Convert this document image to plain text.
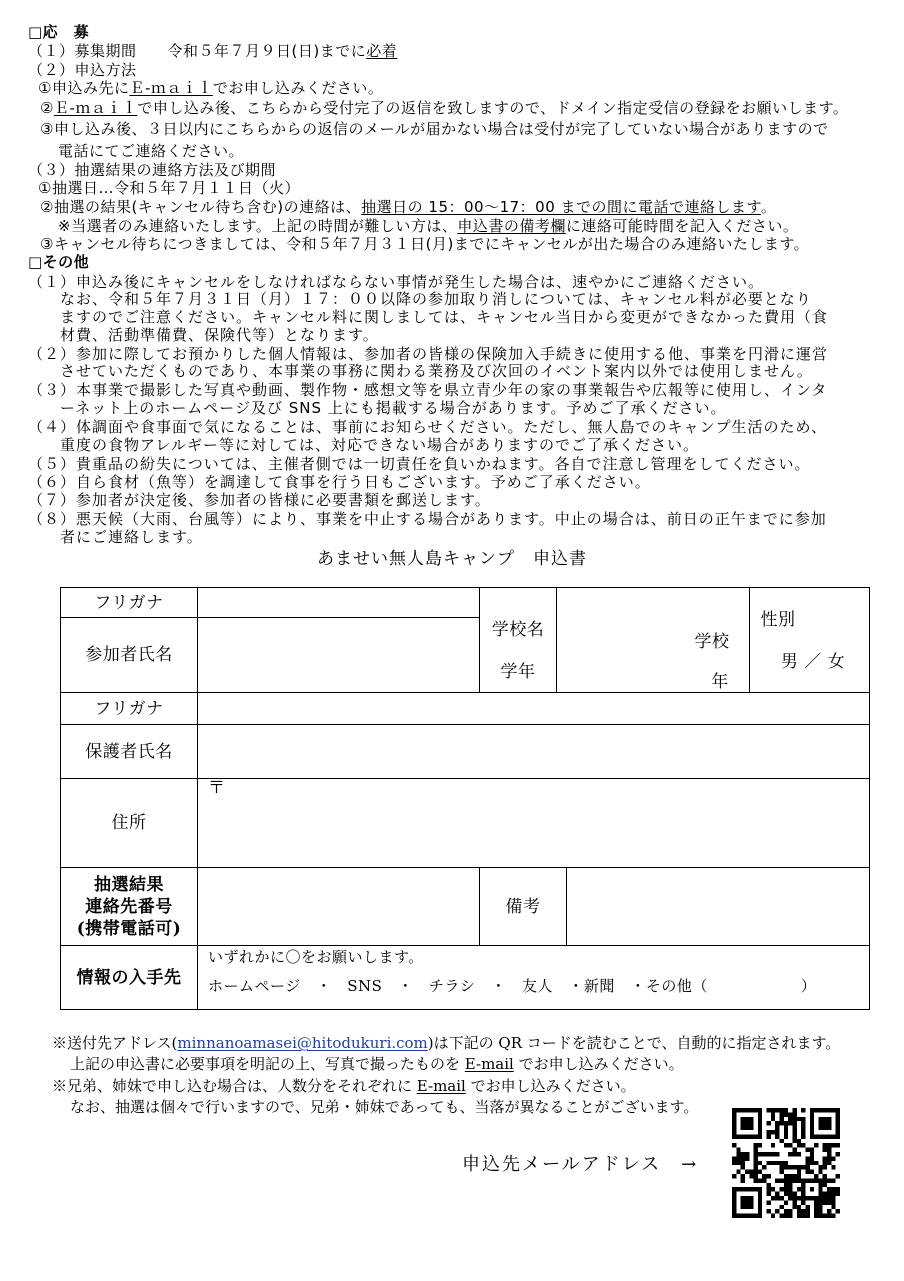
□応　募
（１）募集期間　　令和５年７月９日(日)までに必着
（２）申込方法
①申込み先にＥ-ｍａｉｌでお申し込みください。
②Ｅ-ｍａｉｌで申し込み後、こちらから受付完了の返信を致しますので、ドメイン指定受信の登録をお願いします。
③申し込み後、３日以内にこちらからの返信のメールが届かない場合は受付が完了していない場合がありますので
電話にてご連絡ください。
（３）抽選結果の連絡方法及び期間
①抽選日…令和５年７月１１日（火）
②抽選の結果(キャンセル待ち含む)の連絡は、抽選日の 15：00～17：00 までの間に電話で連絡します。
※当選者のみ連絡いたします。上記の時間が難しい方は、申込書の備考欄に連絡可能時間を記入ください。
③キャンセル待ちにつきましては、令和５年７月３１日(月)までにキャンセルが出た場合のみ連絡いたします。
□その他
（１）申込み後にキャンセルをしなければならない事情が発生した場合は、速やかにご連絡ください。
なお、令和５年７月３１日（月）１７：００以降の参加取り消しについては、キャンセル料が必要となり
ますのでご注意ください。キャンセル料に関しましては、キャンセル当日から変更ができなかった費用（食
材費、活動準備費、保険代等）となります。
（２）参加に際してお預かりした個人情報は、参加者の皆様の保険加入手続きに使用する他、事業を円滑に運営
させていただくものであり、本事業の事務に関わる業務及び次回のイベント案内以外では使用しません。
（３）本事業で撮影した写真や動画、製作物・感想文等を県立青少年の家の事業報告や広報等に使用し、インタ
ーネット上のホームページ及び SNS 上にも掲載する場合があります。予めご了承ください。
（４）体調面や食事面で気になることは、事前にお知らせください。ただし、無人島でのキャンプ生活のため、
重度の食物アレルギー等に対しては、対応できない場合がありますのでご了承ください。
（５）貴重品の紛失については、主催者側では一切責任を負いかねます。各自で注意し管理をしてください。
（６）自ら食材（魚等）を調達して食事を行う日もございます。予めご了承ください。
（７）参加者が決定後、参加者の皆様に必要書類を郵送します。
（８）悪天候（大雨、台風等）により、事業を中止する場合があります。中止の場合は、前日の正午までに参加
者にご連絡します。
あませい無人島キャンプ　申込書
フリガナ
参加者氏名
学校名
学年
学校
年
性別
男 ／ 女
フリガナ
保護者氏名
住所
〒
抽選結果
連絡先番号
(携帯電話可)
備考
情報の入手先
いずれかに〇をお願いします。
ホームページ　・　SNS　・　チラシ　・　友人　・新聞　・その他（　　　　　　）
※送付先アドレス(minnanoamasei@hitodukuri.com)は下記の QR コードを読むことで、自動的に指定されます。
上記の申込書に必要事項を明記の上、写真で撮ったものを E-mail でお申し込みください。
※兄弟、姉妹で申し込む場合は、人数分をそれぞれに E-mail でお申し込みください。
なお、抽選は個々で行いますので、兄弟・姉妹であっても、当落が異なることがございます。
申込先メールアドレス　→
